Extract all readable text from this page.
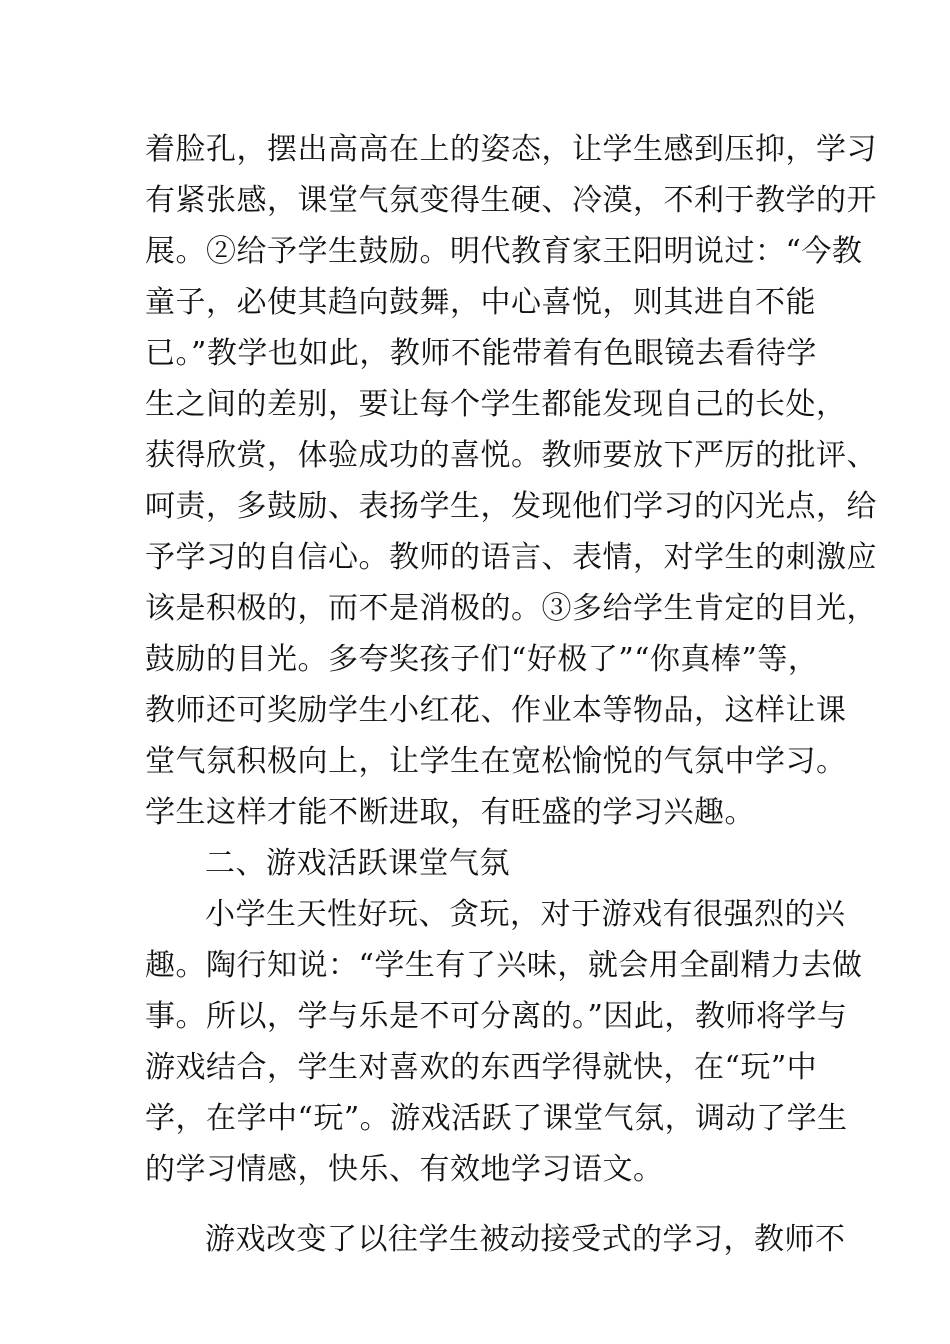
着脸孔，摆出高高在上的姿态，让学生感到压抑，学习
有紧张感，课堂气氛变得生硬、冷漠，不利于教学的开
展。②给予学生鼓励。明代教育家王阳明说过：“今教
童子，必使其趋向鼓舞，中心喜悦，则其进自不能
已。”教学也如此，教师不能带着有色眼镜去看待学
生之间的差别，要让每个学生都能发现自己的长处，
获得欣赏，体验成功的喜悦。教师要放下严厉的批评、
呵责，多鼓励、表扬学生，发现他们学习的闪光点，给
予学习的自信心。教师的语言、表情，对学生的刺激应
该是积极的，而不是消极的。③多给学生肯定的目光，
鼓励的目光。多夸奖孩子们“好极了”“你真棒”等，
教师还可奖励学生小红花、作业本等物品，这样让课
堂气氛积极向上，让学生在宽松愉悦的气氛中学习。
学生这样才能不断进取，有旺盛的学习兴趣。
二、游戏活跃课堂气氛
小学生天性好玩、贪玩，对于游戏有很强烈的兴
趣。陶行知说：“学生有了兴味，就会用全副精力去做
事。所以，学与乐是不可分离的。”因此，教师将学与
游戏结合，学生对喜欢的东西学得就快，在“玩”中
学，在学中“玩”。游戏活跃了课堂气氛，调动了学生
的学习情感，快乐、有效地学习语文。
游戏改变了以往学生被动接受式的学习，教师不
